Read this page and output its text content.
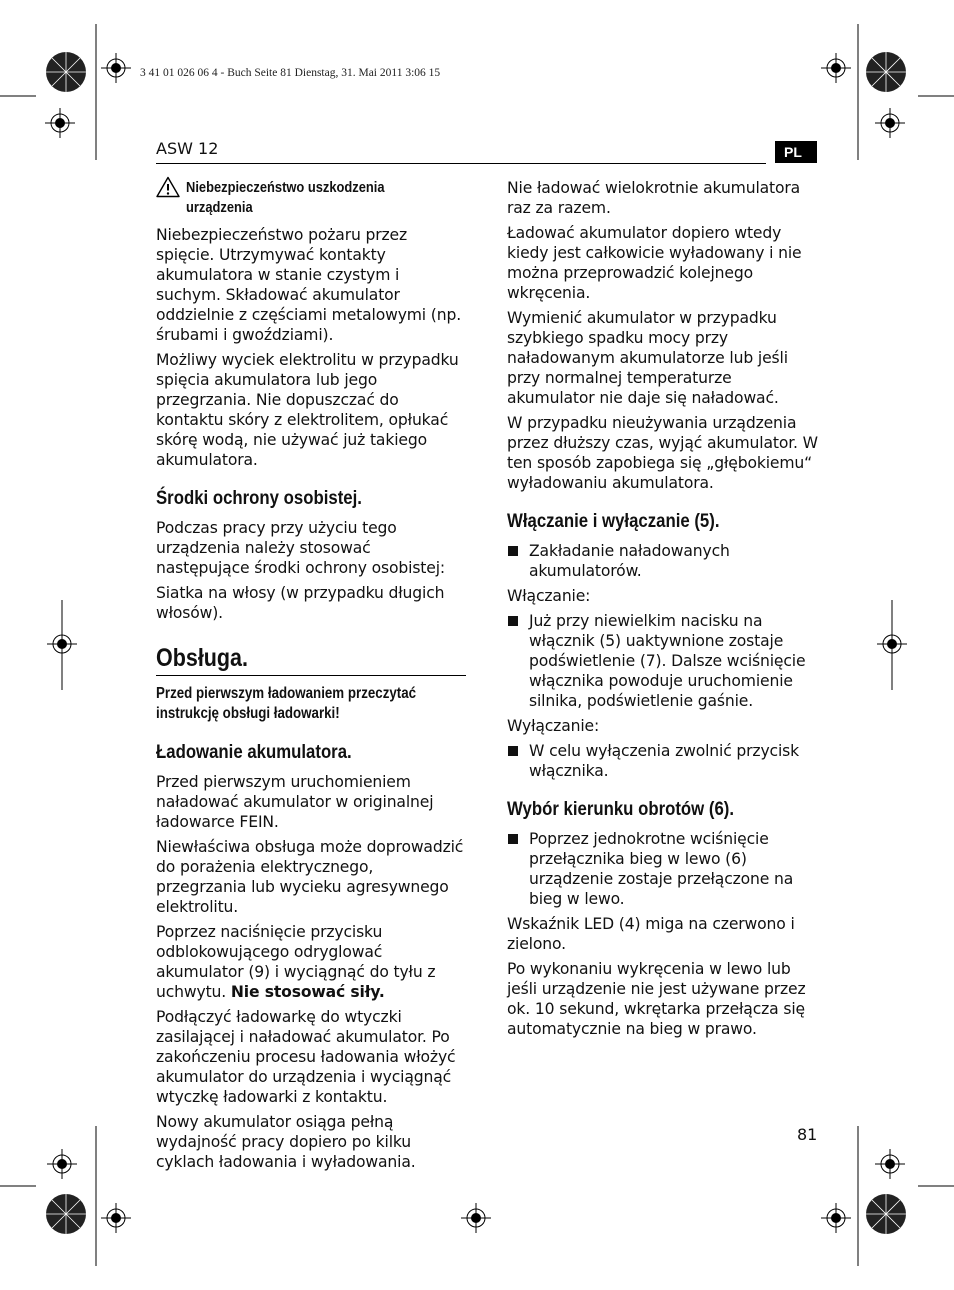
3 41 01 026 06 4 - Buch Seite 81 Dienstag, 31. Mai 2011 3:06 15
ASW 12	PL
Niebezpieczeństwo uszkodzenia urządzenia

Niebezpieczeństwo pożaru przez spięcie. Utrzymywać kontakty akumulatora w stanie czystym i suchym. Składować akumulator oddzielnie z częściami metalowymi (np. śrubami i gwoździami).

Możliwy wyciek elektrolitu w przypadku spięcia akumulatora lub jego przegrzania. Nie dopuszczać do kontaktu skóry z elektrolitem, opłukać skórę wodą, nie używać już takiego akumulatora.

Środki ochrony osobistej.

Podczas pracy przy użyciu tego urządzenia należy stosować następujące środki ochrony osobistej:

Siatka na włosy (w przypadku długich włosów).

Obsługa.
Przed pierwszym ładowaniem przeczytać instrukcję obsługi ładowarki!
Ładowanie akumulatora.

Przed pierwszym uruchomieniem naładować akumulator w originalnej ładowarce FEIN.

Niewłaściwa obsługa może doprowadzić do porażenia elektrycznego, przegrzania lub wycieku agresywnego elektrolitu.

Poprzez naciśnięcie przycisku odblokowującego odryglować akumulator (9) i wyciągnąć do tyłu z uchwytu. Nie stosować siły.

Podłączyć ładowarkę do wtyczki zasilającej i naładować akumulator. Po zakończeniu procesu ładowania włożyć akumulator do urządzenia i wyciągnąć wtyczkę ładowarki z kontaktu.

Nowy akumulator osiąga pełną wydajność pracy dopiero po kilku cyklach ładowania i wyładowania.

Nie ładować wielokrotnie akumulatora raz za razem.

Ładować akumulator dopiero wtedy kiedy jest całkowicie wyładowany i nie można przeprowadzić kolejnego wkręcenia.

Wymienić akumulator w przypadku szybkiego spadku mocy przy naładowanym akumulatorze lub jeśli przy normalnej temperaturze akumulator nie daje się naładować.

W przypadku nieużywania urządzenia przez dłuższy czas, wyjąć akumulator. W ten sposób zapobiega się „głębokiemu“ wyładowaniu akumulatora.

Włączanie i wyłączanie (5).

Zakładanie naładowanych akumulatorów.

Włączanie:

Już przy niewielkim nacisku na włącznik (5) uaktywnione zostaje podświetlenie (7). Dalsze wciśnięcie włącznika powoduje uruchomienie silnika, podświetlenie gaśnie.

Wyłączanie:

W celu wyłączenia zwolnić przycisk włącznika.

Wybór kierunku obrotów (6).

Poprzez jednokrotne wciśnięcie przełącznika bieg w lewo (6) urządzenie zostaje przełączone na bieg w lewo.

Wskaźnik LED (4) miga na czerwono i zielono.

Po wykonaniu wykręcenia w lewo lub jeśli urządzenie nie jest używane przez ok. 10 sekund, wkrętarka przełącza się automatycznie na bieg w prawo.

81
